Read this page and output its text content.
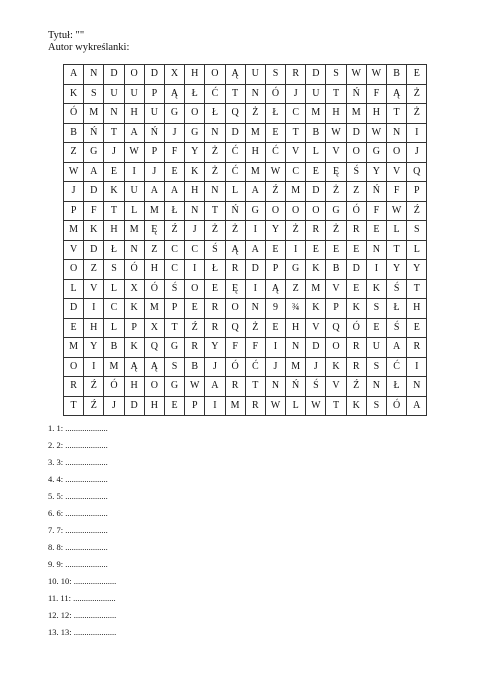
Tytuł: ""
Autor wykreślanki:
A	N	D	O	D	X	H	O	Ą	U	S	R	D	S	W	W	B	E
K	S	U	U	P	Ą	Ł	Ć	T	N	Ó	J	U	T	Ń	F	Ą	Ż
Ó	M	N	H	U	G	O	Ł	Q	Ż	Ł	C	M	H	M	H	T	Ż
B	Ń	T	A	Ń	J	G	N	D	M	E	T	B	W	D	W	N	I
Z	G	J	W	P	F	Y	Ż	Ć	H	Ć	V	L	V	O	G	O	J
W	A	E	I	J	E	K	Ż	Ć	M	W	C	E	Ę	Ś	Y	V	Q
J	D	K	U	A	A	H	N	L	A	Ź	M	D	Ż	Z	Ń	F	P
P	F	T	L	M	Ł	N	T	Ń	G	O	O	O	G	Ó	F	W	Ź
M	K	H	M	Ę	Ź	J	Ż	Ż	I	Y	Ż	R	Ż	R	E	L	S
V	D	Ł	N	Z	C	C	Ś	Ą	A	E	I	E	E	E	N	T	L
O	Z	S	Ó	H	C	I	Ł	R	D	P	G	K	B	D	I	Y	Y
L	V	L	X	Ó	Ś	O	E	Ę	I	Ą	Z	M	V	E	K	Ś	T
D	I	C	K	M	P	E	R	O	N	9	¾	K	P	K	S	Ł	H
E	H	L	P	X	T	Ź	R	Q	Ż	E	H	V	Q	Ó	E	Ś	E
M	Y	B	K	Q	G	R	Y	F	F	I	N	D	O	R	U	A	R
O	I	M	Ą	Ą	S	B	J	Ó	Ć	J	M	J	K	R	S	Ć	I
R	Ź	Ó	H	O	G	W	A	R	T	N	Ń	Ś	V	Ź	N	Ł	N
T	Ź	J	D	H	E	P	I	M	R	W	L	W	T	K	S	Ó	A
1. 1: ....................
2. 2: ....................
3. 3: ....................
4. 4: ....................
5. 5: ....................
6. 6: ....................
7. 7: ....................
8. 8: ....................
9. 9: ....................
10. 10: ....................
11. 11: ....................
12. 12: ....................
13. 13: ....................
